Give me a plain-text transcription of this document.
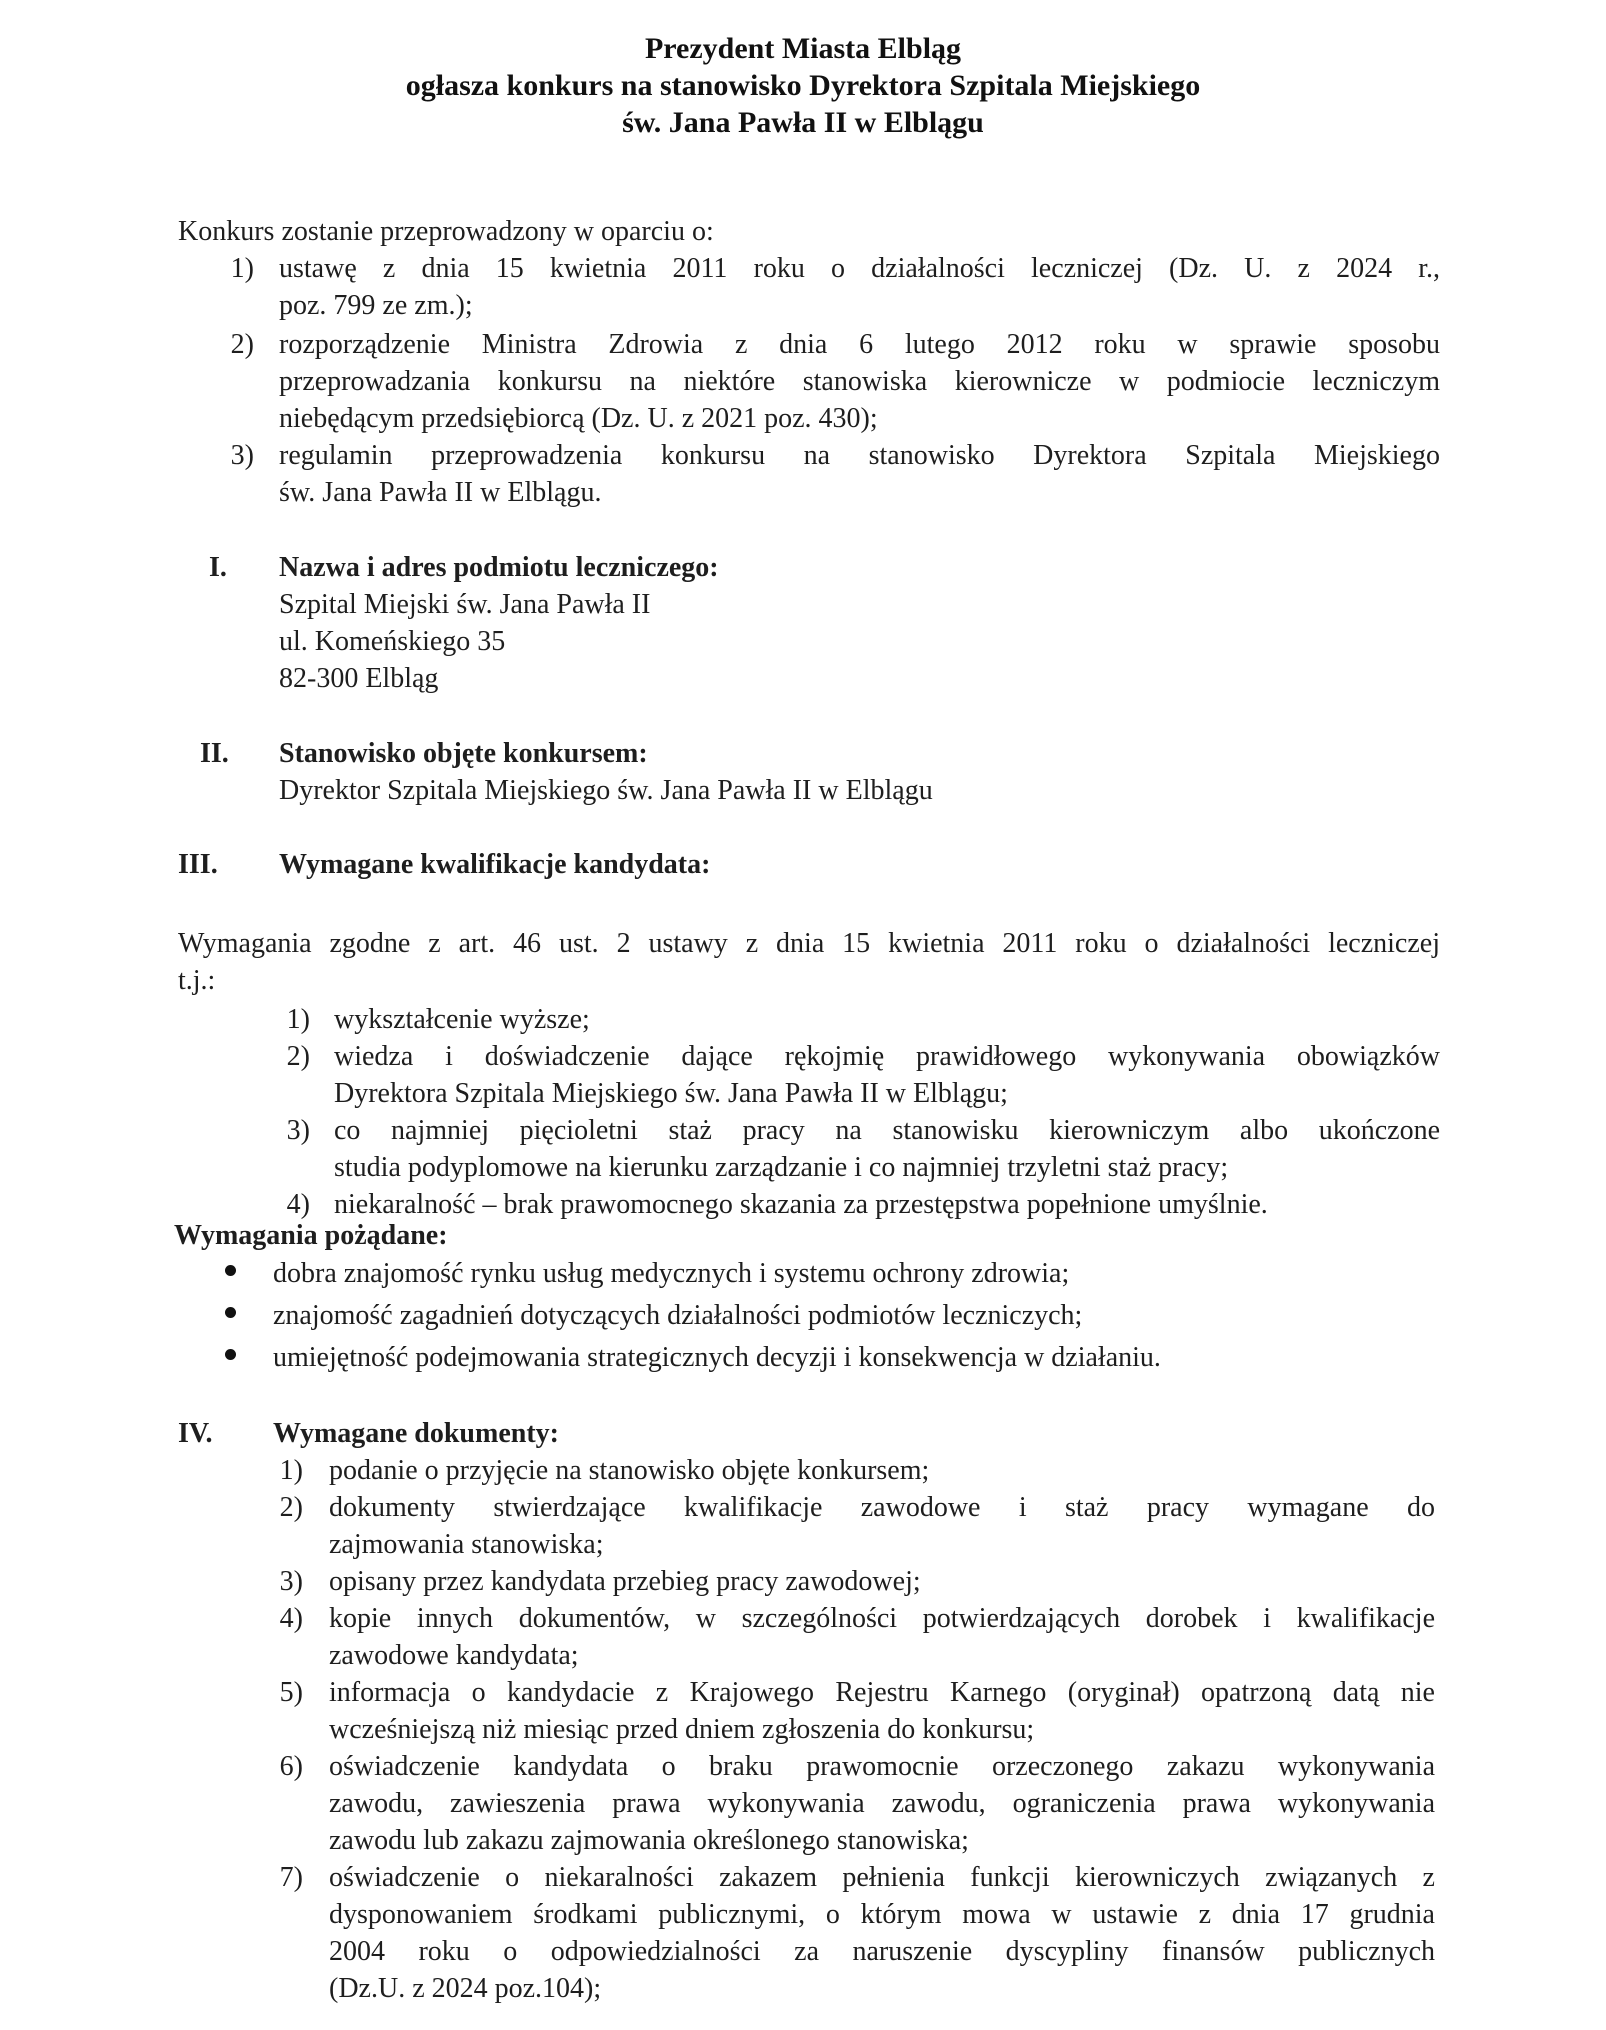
Prezydent Miasta Elbląg
ogłasza konkurs na stanowisko Dyrektora Szpitala Miejskiego
św. Jana Pawła II w Elblągu
Konkurs zostanie przeprowadzony w oparciu o:
1) ustawę z dnia 15 kwietnia 2011 roku o działalności leczniczej (Dz. U. z 2024 r.,
poz. 799 ze zm.);
2) rozporządzenie Ministra Zdrowia z dnia 6 lutego 2012 roku w sprawie sposobu
przeprowadzania konkursu na niektóre stanowiska kierownicze w podmiocie leczniczym
niebędącym przedsiębiorcą (Dz. U. z 2021 poz. 430);
3) regulamin przeprowadzenia konkursu na stanowisko Dyrektora Szpitala Miejskiego
św. Jana Pawła II w Elblągu.
I. Nazwa i adres podmiotu leczniczego:
Szpital Miejski św. Jana Pawła II
ul. Komeńskiego 35
82-300 Elbląg
II. Stanowisko objęte konkursem:
Dyrektor Szpitala Miejskiego św. Jana Pawła II w Elblągu
III. Wymagane kwalifikacje kandydata:
Wymagania zgodne z art. 46 ust. 2 ustawy z dnia 15 kwietnia 2011 roku o działalności leczniczej
t.j.:
1) wykształcenie wyższe;
2) wiedza i doświadczenie dające rękojmię prawidłowego wykonywania obowiązków
Dyrektora Szpitala Miejskiego św. Jana Pawła II w Elblągu;
3) co najmniej pięcioletni staż pracy na stanowisku kierowniczym albo ukończone
studia podyplomowe na kierunku zarządzanie i co najmniej trzyletni staż pracy;
4) niekaralność – brak prawomocnego skazania za przestępstwa popełnione umyślnie.
Wymagania pożądane:
dobra znajomość rynku usług medycznych i systemu ochrony zdrowia;
znajomość zagadnień dotyczących działalności podmiotów leczniczych;
umiejętność podejmowania strategicznych decyzji i konsekwencja w działaniu.
IV. Wymagane dokumenty:
1) podanie o przyjęcie na stanowisko objęte konkursem;
2) dokumenty stwierdzające kwalifikacje zawodowe i staż pracy wymagane do
zajmowania stanowiska;
3) opisany przez kandydata przebieg pracy zawodowej;
4) kopie innych dokumentów, w szczególności potwierdzających dorobek i kwalifikacje
zawodowe kandydata;
5) informacja o kandydacie z Krajowego Rejestru Karnego (oryginał) opatrzoną datą nie
wcześniejszą niż miesiąc przed dniem zgłoszenia do konkursu;
6) oświadczenie kandydata o braku prawomocnie orzeczonego zakazu wykonywania
zawodu, zawieszenia prawa wykonywania zawodu, ograniczenia prawa wykonywania
zawodu lub zakazu zajmowania określonego stanowiska;
7) oświadczenie o niekaralności zakazem pełnienia funkcji kierowniczych związanych z
dysponowaniem środkami publicznymi, o którym mowa w ustawie z dnia 17 grudnia
2004 roku o odpowiedzialności za naruszenie dyscypliny finansów publicznych
(Dz.U. z 2024 poz.104);
